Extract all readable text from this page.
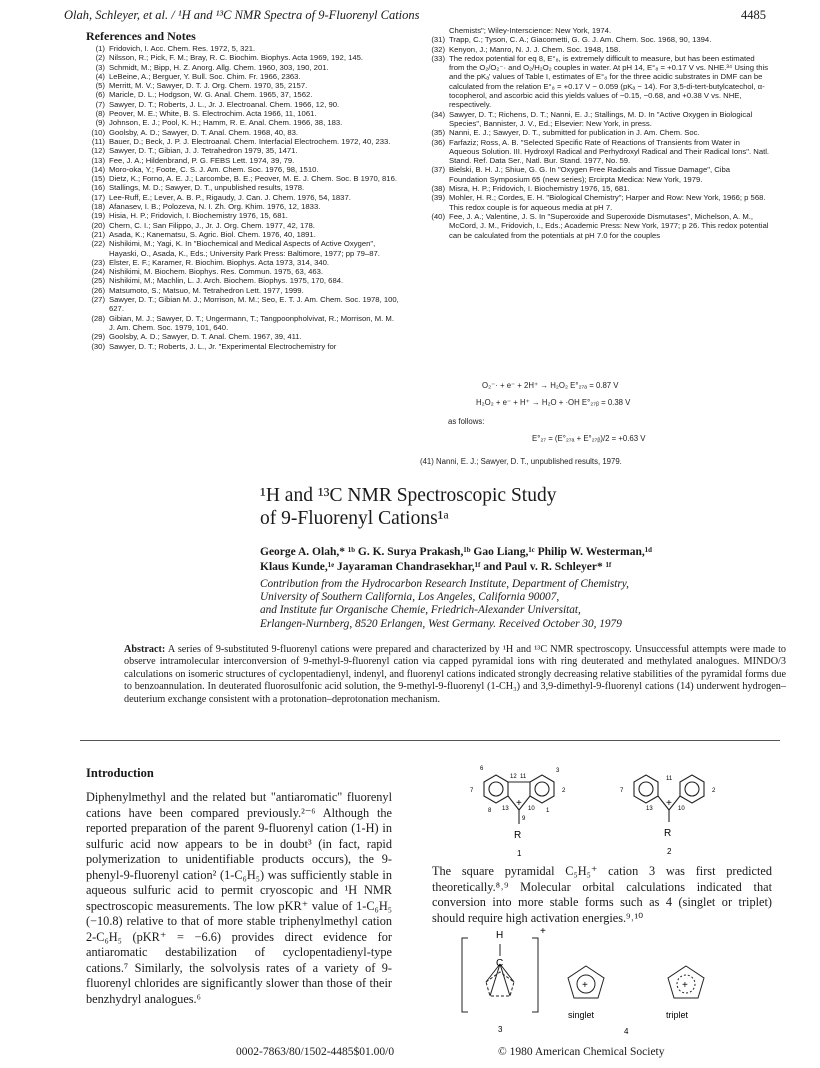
Olah, Schleyer, et al. / ¹H and ¹³C NMR Spectra of 9-Fluorenyl Cations	4485
References and Notes
(1) Fridovich, I. Acc. Chem. Res. 1972, 5, 321.
(2) Nilsson, R.; Pick, F. M.; Bray, R. C. Biochim. Biophys. Acta 1969, 192, 145.
(3) Schmidt, M.; Bipp, H. Z. Anorg. Allg. Chem. 1960, 303, 190, 201.
(4) LeBeine, A.; Berguer, Y. Bull. Soc. Chim. Fr. 1966, 2363.
(5) Merritt, M. V.; Sawyer, D. T. J. Org. Chem. 1970, 35, 2157.
(6) Maricle, D. L.; Hodgson, W. G. Anal. Chem. 1965, 37, 1562.
(7) Sawyer, D. T.; Roberts, J. L., Jr. J. Electroanal. Chem. 1966, 12, 90.
(8) Peover, M. E.; White, B. S. Electrochim. Acta 1966, 11, 1061.
(9) Johnson, E. J.; Pool, K. H.; Hamm, R. E. Anal. Chem. 1966, 38, 183.
(10) Goolsby, A. D.; Sawyer, D. T. Anal. Chem. 1968, 40, 83.
(11) Bauer, D.; Beck, J. P. J. Electroanal. Chem. Interfacial Electrochem. 1972, 40, 233.
(12) Sawyer, D. T.; Gibian, J. J. Tetrahedron 1979, 35, 1471.
(13) Fee, J. A.; Hildenbrand, P. G. FEBS Lett. 1974, 39, 79.
(14) Moro-oka, Y.; Foote, C. S. J. Am. Chem. Soc. 1976, 98, 1510.
(15) Dietz, K.; Forno, A. E. J.; Larcombe, B. E.; Peover, M. E. J. Chem. Soc. B 1970, 816.
(16) Stallings, M. D.; Sawyer, D. T., unpublished results, 1978.
(17) Lee-Ruff, E.; Lever, A. B. P., Rigaudy, J. Can. J. Chem. 1976, 54, 1837.
(18) Afanasev, I. B.; Polozeva, N. I. Zh. Org. Khim. 1976, 12, 1833.
(19) Hisia, H. P.; Fridovich, I. Biochemistry 1976, 15, 681.
(20) Chern, C. I.; San Filippo, J., Jr. J. Org. Chem. 1977, 42, 178.
(21) Asada, K.; Kanematsu, S. Agric. Biol. Chem. 1976, 40, 1891.
(22) Nishikimi, M.; Yagi, K. In "Biochemical and Medical Aspects of Active Oxygen", Hayaski, O., Asada, K., Eds.; University Park Press: Baltimore, 1977; pp 79–87.
(23) Elster, E. F.; Karamer, R. Biochim. Biophys. Acta 1973, 314, 340.
(24) Nishikimi, M. Biochem. Biophys. Res. Commun. 1975, 63, 463.
(25) Nishikimi, M.; Machlin, L. J. Arch. Biochem. Biophys. 1975, 170, 684.
(26) Matsumoto, S.; Matsuo, M. Tetrahedron Lett. 1977, 1999.
(27) Sawyer, D. T.; Gibian M. J.; Morrison, M. M.; Seo, E. T. J. Am. Chem. Soc. 1978, 100, 627.
(28) Gibian, M. J.; Sawyer, D. T.; Ungermann, T.; Tangpoonpholvivat, R.; Morrison, M. M. J. Am. Chem. Soc. 1979, 101, 640.
(29) Goolsby, A. D.; Sawyer, D. T. Anal. Chem. 1967, 39, 411.
(30) Sawyer, D. T.; Roberts, J. L., Jr. "Experimental Electrochemistry for
Chemists"; Wiley-Interscience: New York, 1974.
(31) Trapp, C.; Tyson, C. A.; Giacometti, G. G. J. Am. Chem. Soc. 1968, 90, 1394.
(32) Kenyon, J.; Manro, N. J. J. Chem. Soc. 1948, 158.
(33) The redox potential for eq 8, E°₈, is extremely difficult to measure, but has been estimated from the O₂/O₂⁻· and O₂/H₂O₂ couples in water. At pH 14, E°₈ = +0.17 V vs. NHE.³⁴ Using this and the pKₐ' values of Table I, estimates of E°₈ for the three acidic substrates in DMF can be calculated from the relation E°₈ = +0.17 V − 0.059 (pKₐ − 14). For 3,5-di-tert-butylcatechol, α-tocopherol, and ascorbic acid this yields values of −0.15, −0.68, and +0.38 V vs. NHE, respectively.
(34) Sawyer, D. T.; Richens, D. T.; Nanni, E. J.; Stallings, M. D. In "Active Oxygen in Biological Species", Bannister, J. V., Ed.; Elsevier: New York, in press.
(35) Nanni, E. J.; Sawyer, D. T., submitted for publication in J. Am. Chem. Soc.
(36) Farfaziz; Ross, A. B. "Selected Specific Rate of Reactions of Transients from Water in Aqueous Solution. III. Hydroxyl Radical and Perhydroxyl Radical and Their Radical Ions". Natl. Stand. Ref. Data Ser., Natl. Bur. Stand. 1977, No. 59.
(37) Bielski, B. H. J.; Shiue, G. G. In "Oxygen Free Radicals and Tissue Damage", Ciba Foundation Symposium 65 (new series); Ercirpta Medica: New York, 1979.
(38) Misra, H. P.; Fridovich, I. Biochemistry 1976, 15, 681.
(39) Mohler, H. R.; Cordes, E. H. "Biological Chemistry"; Harper and Row: New York, 1966; p 568. This redox couple is for aqueous media at pH 7.
(40) Fee, J. A.; Valentine, J. S. In "Superoxide and Superoxide Dismutases", Michelson, A. M., McCord, J. M., Fridovich, I., Eds.; Academic Press: New York, 1977; p 26. This redox potential can be calculated from the potentials at pH 7.0 for the couples
O₂⁻· + e⁻ + 2H⁺ → H₂O₂ E°₂₇ₐ = 0.87 V
H₂O₂ + e⁻ + H⁺ → H₂O + ·OH E°₂₇ᵦ = 0.38 V
as follows:
E°₂₇ = (E°₂₇ₐ + E°₂₇ᵦ)/2 = +0.63 V
(41) Nanni, E. J.; Sawyer, D. T., unpublished results, 1979.
¹H and ¹³C NMR Spectroscopic Study
of 9-Fluorenyl Cations¹ᵃ
George A. Olah,* ¹ᵇ G. K. Surya Prakash,¹ᵇ Gao Liang,¹ᶜ Philip W. Westerman,¹ᵈ
Klaus Kunde,¹ᵉ Jayaraman Chandrasekhar,¹ᶠ and Paul v. R. Schleyer* ¹ᶠ
Contribution from the Hydrocarbon Research Institute, Department of Chemistry,
University of Southern California, Los Angeles, California 90007,
and Institute fur Organische Chemie, Friedrich-Alexander Universitat,
Erlangen-Nurnberg, 8520 Erlangen, West Germany. Received October 30, 1979
Abstract: A series of 9-substituted 9-fluorenyl cations were prepared and characterized by ¹H and ¹³C NMR spectroscopy. Unsuccessful attempts were made to observe intramolecular interconversion of 9-methyl-9-fluorenyl cation via capped pyramidal ions with ring deuterated and methylated analogues. MINDO/3 calculations on isomeric structures of cyclopentadienyl, indenyl, and fluorenyl cations indicated strongly decreasing relative stabilities of the pyramidal forms due to benzoannulation. In deuterated fluorosulfonic acid solution, the 9-methyl-9-fluorenyl (1-CH₃) and 3,9-dimethyl-9-fluorenyl cations (14) underwent hydrogen–deuterium exchange consistent with a protonation–deprotonation mechanism.
Introduction
Diphenylmethyl and the related but "antiaromatic" fluorenyl cations have been compared previously.²⁻⁶ Although the reported preparation of the parent 9-fluorenyl cation (1-H) in sulfuric acid now appears to be in doubt³ (in fact, rapid polymerization to unidentifiable products occurs), the 9-phenyl-9-fluorenyl cation² (1-C₆H₅) was sufficiently stable in aqueous sulfuric acid to permit cryoscopic and ¹H NMR spectroscopic measurements. The low pKR⁺ value of 1-C₆H₅ (−10.8) relative to that of more stable triphenylmethyl cation 2-C₆H₅ (pKR⁺ = −6.6) provides direct evidence for antiaromatic destabilization of cyclopentadienyl-type cations.⁷ Similarly, the solvolysis rates of a variety of 9-fluorenyl chlorides are significantly slower than those of their benzhydryl analogues.⁶
The square pyramidal C₅H₅⁺ cation 3 was first predicted theoretically.⁸˒⁹ Molecular orbital calculations indicated that conversion into more stable forms such as 4 (singlet or triplet) should require high activation energies.⁹˒¹⁰
+
6
12 11
3
7	2
13	10
9
8	1
R
1
+
11
7	2
13	10
R
2
H
C
+
3
+	+
singlet	triplet
4
0002-7863/80/1502-4485$01.00/0	© 1980 American Chemical Society
